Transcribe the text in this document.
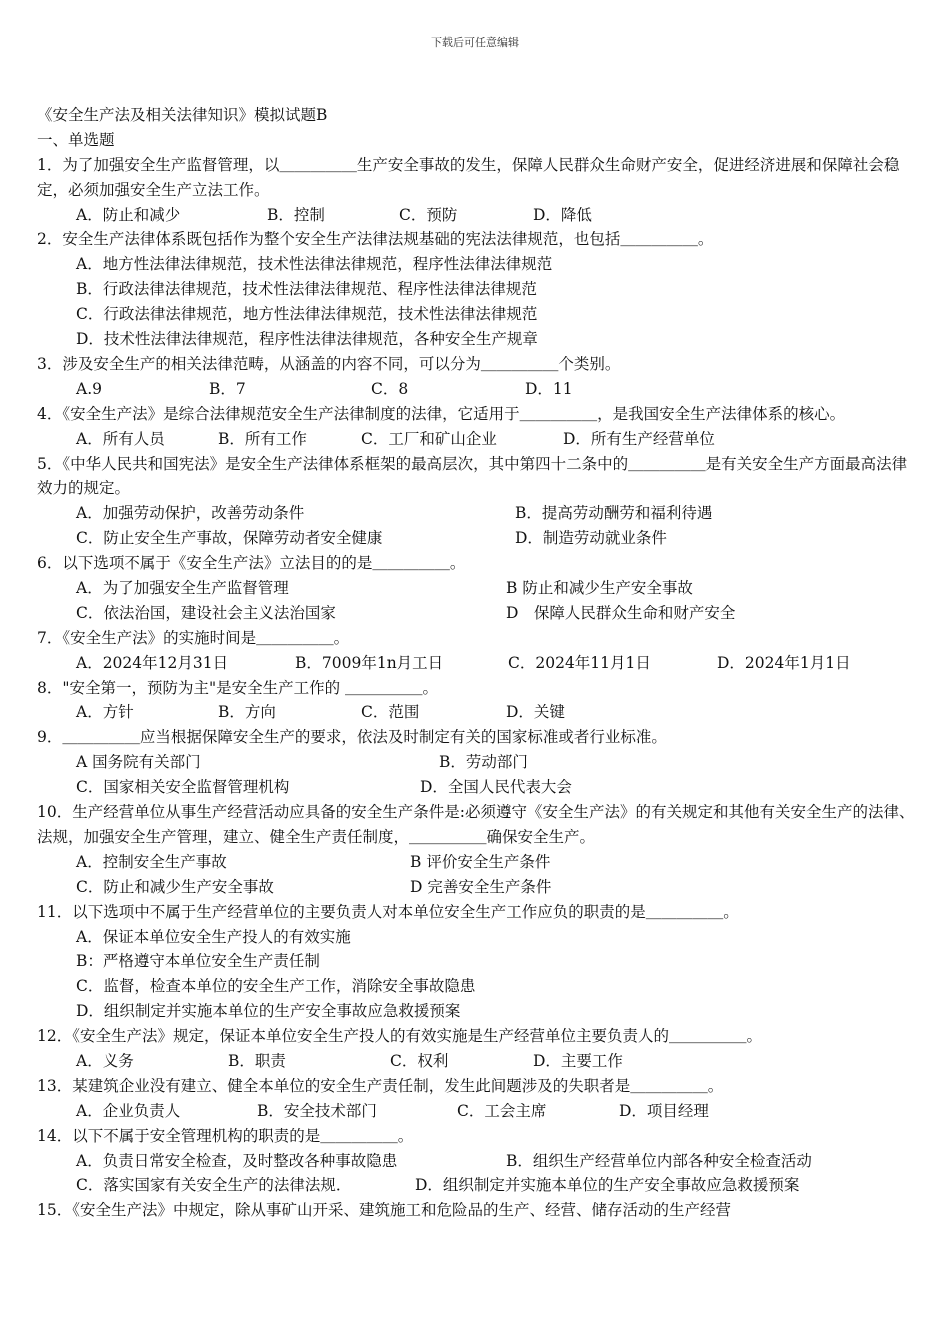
下载后可任意编辑
《安全生产法及相关法律知识》模拟试题B
一、单选题
1．为了加强安全生产监督管理，以＿＿＿＿＿生产安全事故的发生，保障人民群众生命财产安全，促进经济进展和保障社会稳定，必须加强安全生产立法工作。
A．防止和减少	B．控制	C．预防	D．降低
2．安全生产法律体系既包括作为整个安全生产法律法规基础的宪法法律规范，也包括＿＿＿＿＿。
A．地方性法律法律规范，技术性法律法律规范，程序性法律法律规范
B．行政法律法律规范，技术性法律法律规范、程序性法律法律规范
C．行政法律法律规范，地方性法律法律规范，技术性法律法律规范
D．技术性法律法律规范，程序性法律法律规范，各种安全生产规章
3．涉及安全生产的相关法律范畴，从涵盖的内容不同，可以分为＿＿＿＿＿个类别。
A.9	B．7	C．8	D．11
4．《安全生产法》是综合法律规范安全生产法律制度的法律，它适用于＿＿＿＿＿，是我国安全生产法律体系的核心。
A．所有人员	B．所有工作	C．工厂和矿山企业	D．所有生产经营单位
5．《中华人民共和国宪法》是安全生产法律体系框架的最高层次，其中第四十二条中的＿＿＿＿＿是有关安全生产方面最高法律效力的规定。
A．加强劳动保护，改善劳动条件	B．提高劳动酬劳和福利待遇
C．防止安全生产事故，保障劳动者安全健康	D．制造劳动就业条件
6．以下选项不属于《安全生产法》立法目的的是＿＿＿＿＿。
A．为了加强安全生产监督管理	B 防止和减少生产安全事故
C．依法治国，建设社会主义法治国家	D　保障人民群众生命和财产安全
7．《安全生产法》的实施时间是＿＿＿＿＿。
A．2024年12月31日	B．7009年1n月工日	C．2024年11月1日	D．2024年1月1日
8．"安全第一，预防为主"是安全生产工作的 ＿＿＿＿＿。
A．方针	B．方向	C．范围	D．关键
9．＿＿＿＿＿应当根据保障安全生产的要求，依法及时制定有关的国家标准或者行业标准。
A 国务院有关部门	B．劳动部门
C．国家相关安全监督管理机构	D．全国人民代表大会
10．生产经营单位从事生产经营活动应具备的安全生产条件是:必须遵守《安全生产法》的有关规定和其他有关安全生产的法律、法规，加强安全生产管理，建立、健全生产责任制度，＿＿＿＿＿确保安全生产。
A．控制安全生产事故	B 评价安全生产条件
C．防止和减少生产安全事故	D 完善安全生产条件
11．以下选项中不属于生产经营单位的主要负责人对本单位安全生产工作应负的职责的是＿＿＿＿＿。
A．保证本单位安全生产投人的有效实施
B：严格遵守本单位安全生产责任制
C．监督，检查本单位的安全生产工作，消除安全事故隐患
D．组织制定并实施本单位的生产安全事故应急救援预案
12．《安全生产法》规定，保证本单位安全生产投人的有效实施是生产经营单位主要负责人的＿＿＿＿＿。
A．义务	B．职责	C．权利	D．主要工作
13．某建筑企业没有建立、健全本单位的安全生产责任制，发生此间题涉及的失职者是＿＿＿＿＿。
A．企业负责人	B．安全技术部门	C．工会主席	D．项目经理
14．以下不属于安全管理机构的职责的是＿＿＿＿＿。
A．负责日常安全检查，及时整改各种事故隐患	B．组织生产经营单位内部各种安全检查活动
C．落实国家有关安全生产的法律法规．	D．组织制定并实施本单位的生产安全事故应急救援预案
15．《安全生产法》中规定，除从事矿山开采、建筑施工和危险品的生产、经营、储存活动的生产经营
